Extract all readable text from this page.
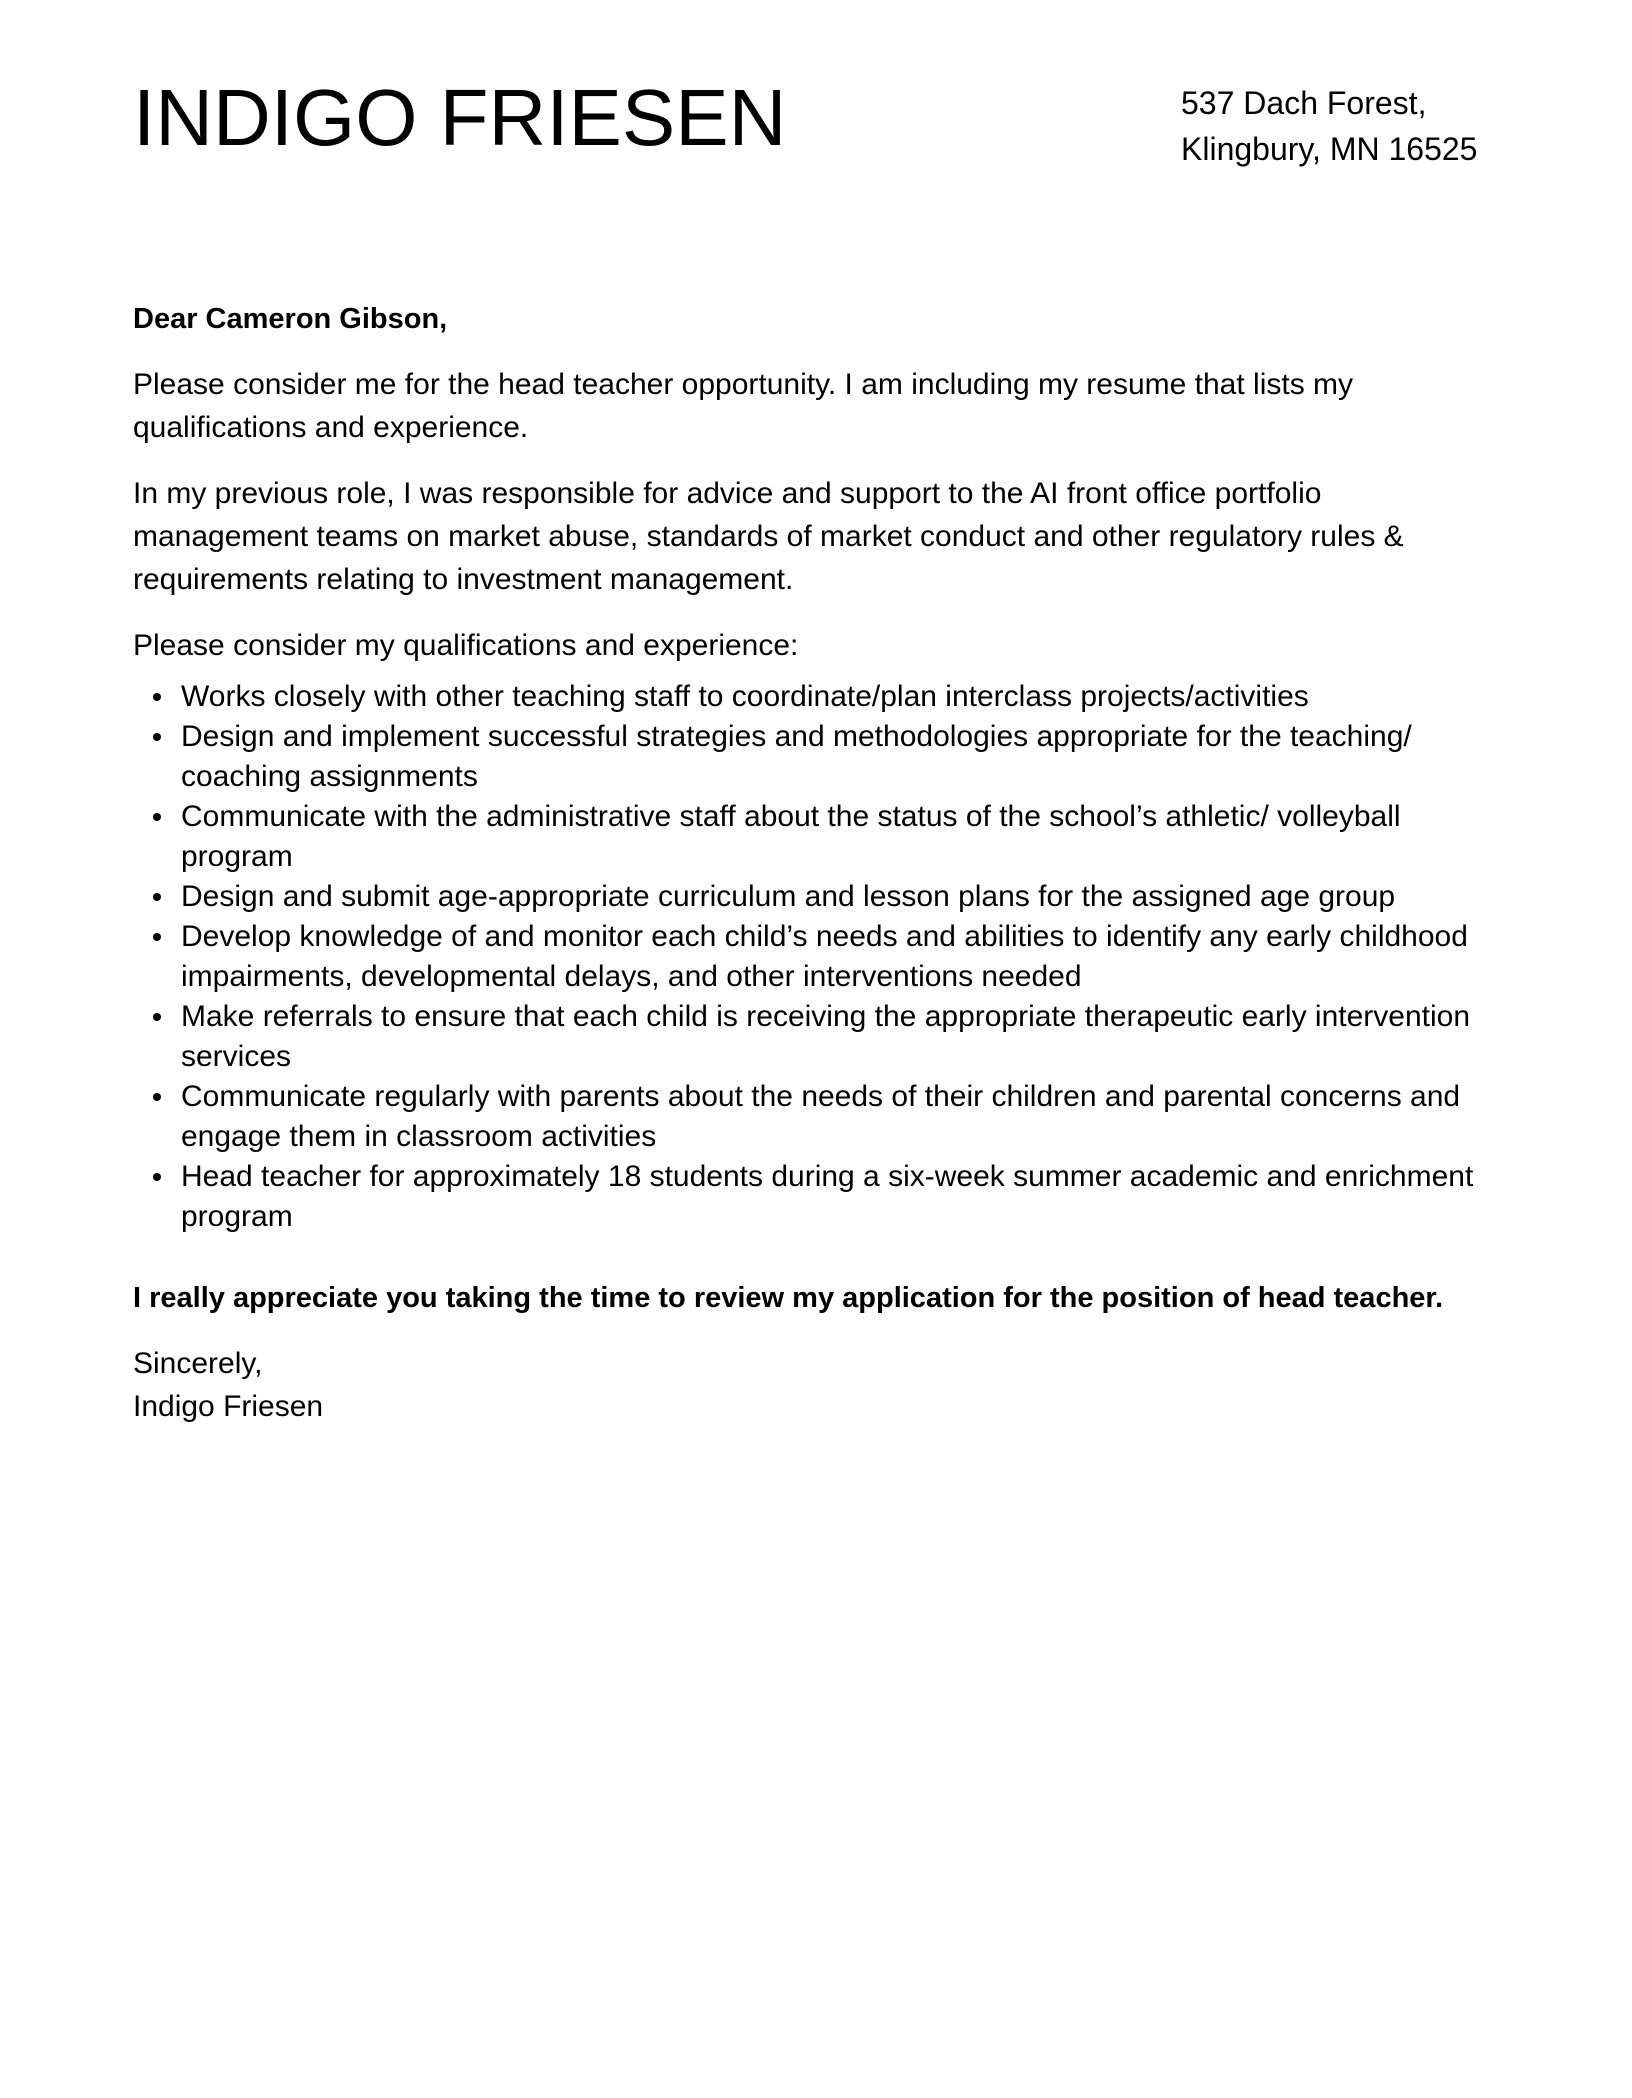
INDIGO FRIESEN	537 Dach Forest,
Klingbury, MN 16525

Dear Cameron Gibson,

Please consider me for the head teacher opportunity. I am including my resume that lists my qualifications and experience.

In my previous role, I was responsible for advice and support to the AI front office portfolio management teams on market abuse, standards of market conduct and other regulatory rules & requirements relating to investment management.

Please consider my qualifications and experience:

Works closely with other teaching staff to coordinate/plan interclass projects/activities
Design and implement successful strategies and methodologies appropriate for the teaching/ coaching assignments
Communicate with the administrative staff about the status of the school’s athletic/ volleyball program
Design and submit age-appropriate curriculum and lesson plans for the assigned age group
Develop knowledge of and monitor each child’s needs and abilities to identify any early childhood impairments, developmental delays, and other interventions needed
Make referrals to ensure that each child is receiving the appropriate therapeutic early intervention services
Communicate regularly with parents about the needs of their children and parental concerns and engage them in classroom activities
Head teacher for approximately 18 students during a six-week summer academic and enrichment program

I really appreciate you taking the time to review my application for the position of head teacher.

Sincerely,
Indigo Friesen
